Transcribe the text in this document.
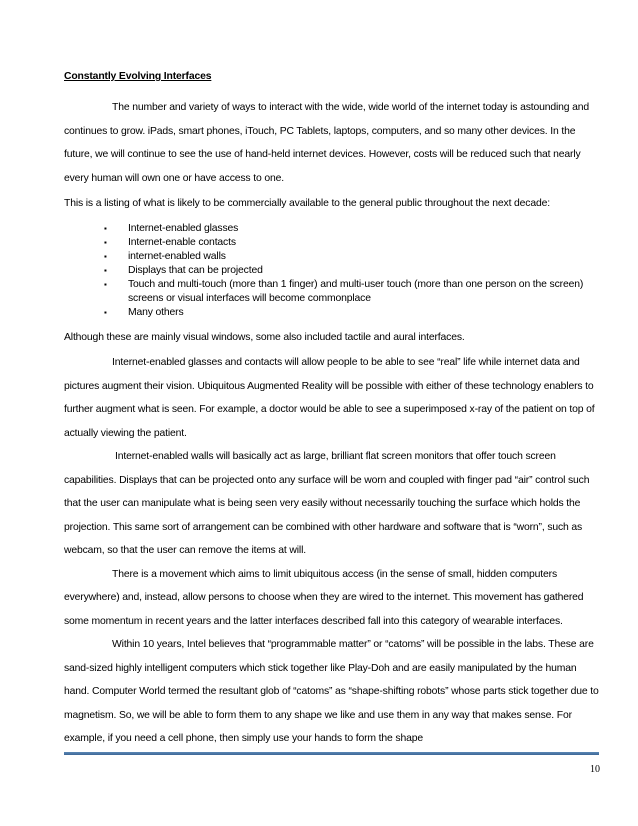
Constantly Evolving Interfaces

The number and variety of ways to interact with the wide, wide world of the internet today is astounding and continues to grow. iPads, smart phones, iTouch, PC Tablets, laptops, computers, and so many other devices. In the future, we will continue to see the use of hand-held internet devices. However, costs will be reduced such that nearly every human will own one or have access to one.

This is a listing of what is likely to be commercially available to the general public throughout the next decade:

▪ Internet-enabled glasses
▪ Internet-enable contacts
▪ internet-enabled walls
▪ Displays that can be projected
▪ Touch and multi-touch (more than 1 finger) and multi-user touch (more than one person on the screen) screens or visual interfaces will become commonplace
▪ Many others

Although these are mainly visual windows, some also included tactile and aural interfaces.

Internet-enabled glasses and contacts will allow people to be able to see “real” life while internet data and pictures augment their vision. Ubiquitous Augmented Reality will be possible with either of these technology enablers to further augment what is seen. For example, a doctor would be able to see a superimposed x-ray of the patient on top of actually viewing the patient.

Internet-enabled walls will basically act as large, brilliant flat screen monitors that offer touch screen capabilities. Displays that can be projected onto any surface will be worn and coupled with finger pad “air” control such that the user can manipulate what is being seen very easily without necessarily touching the surface which holds the projection. This same sort of arrangement can be combined with other hardware and software that is “worn”, such as webcam, so that the user can remove the items at will.

There is a movement which aims to limit ubiquitous access (in the sense of small, hidden computers everywhere) and, instead, allow persons to choose when they are wired to the internet. This movement has gathered some momentum in recent years and the latter interfaces described fall into this category of wearable interfaces.

Within 10 years, Intel believes that “programmable matter” or “catoms” will be possible in the labs. These are sand-sized highly intelligent computers which stick together like Play-Doh and are easily manipulated by the human hand. Computer World termed the resultant glob of “catoms” as “shape-shifting robots” whose parts stick together due to magnetism. So, we will be able to form them to any shape we like and use them in any way that makes sense. For example, if you need a cell phone, then simply use your hands to form the shape

10
